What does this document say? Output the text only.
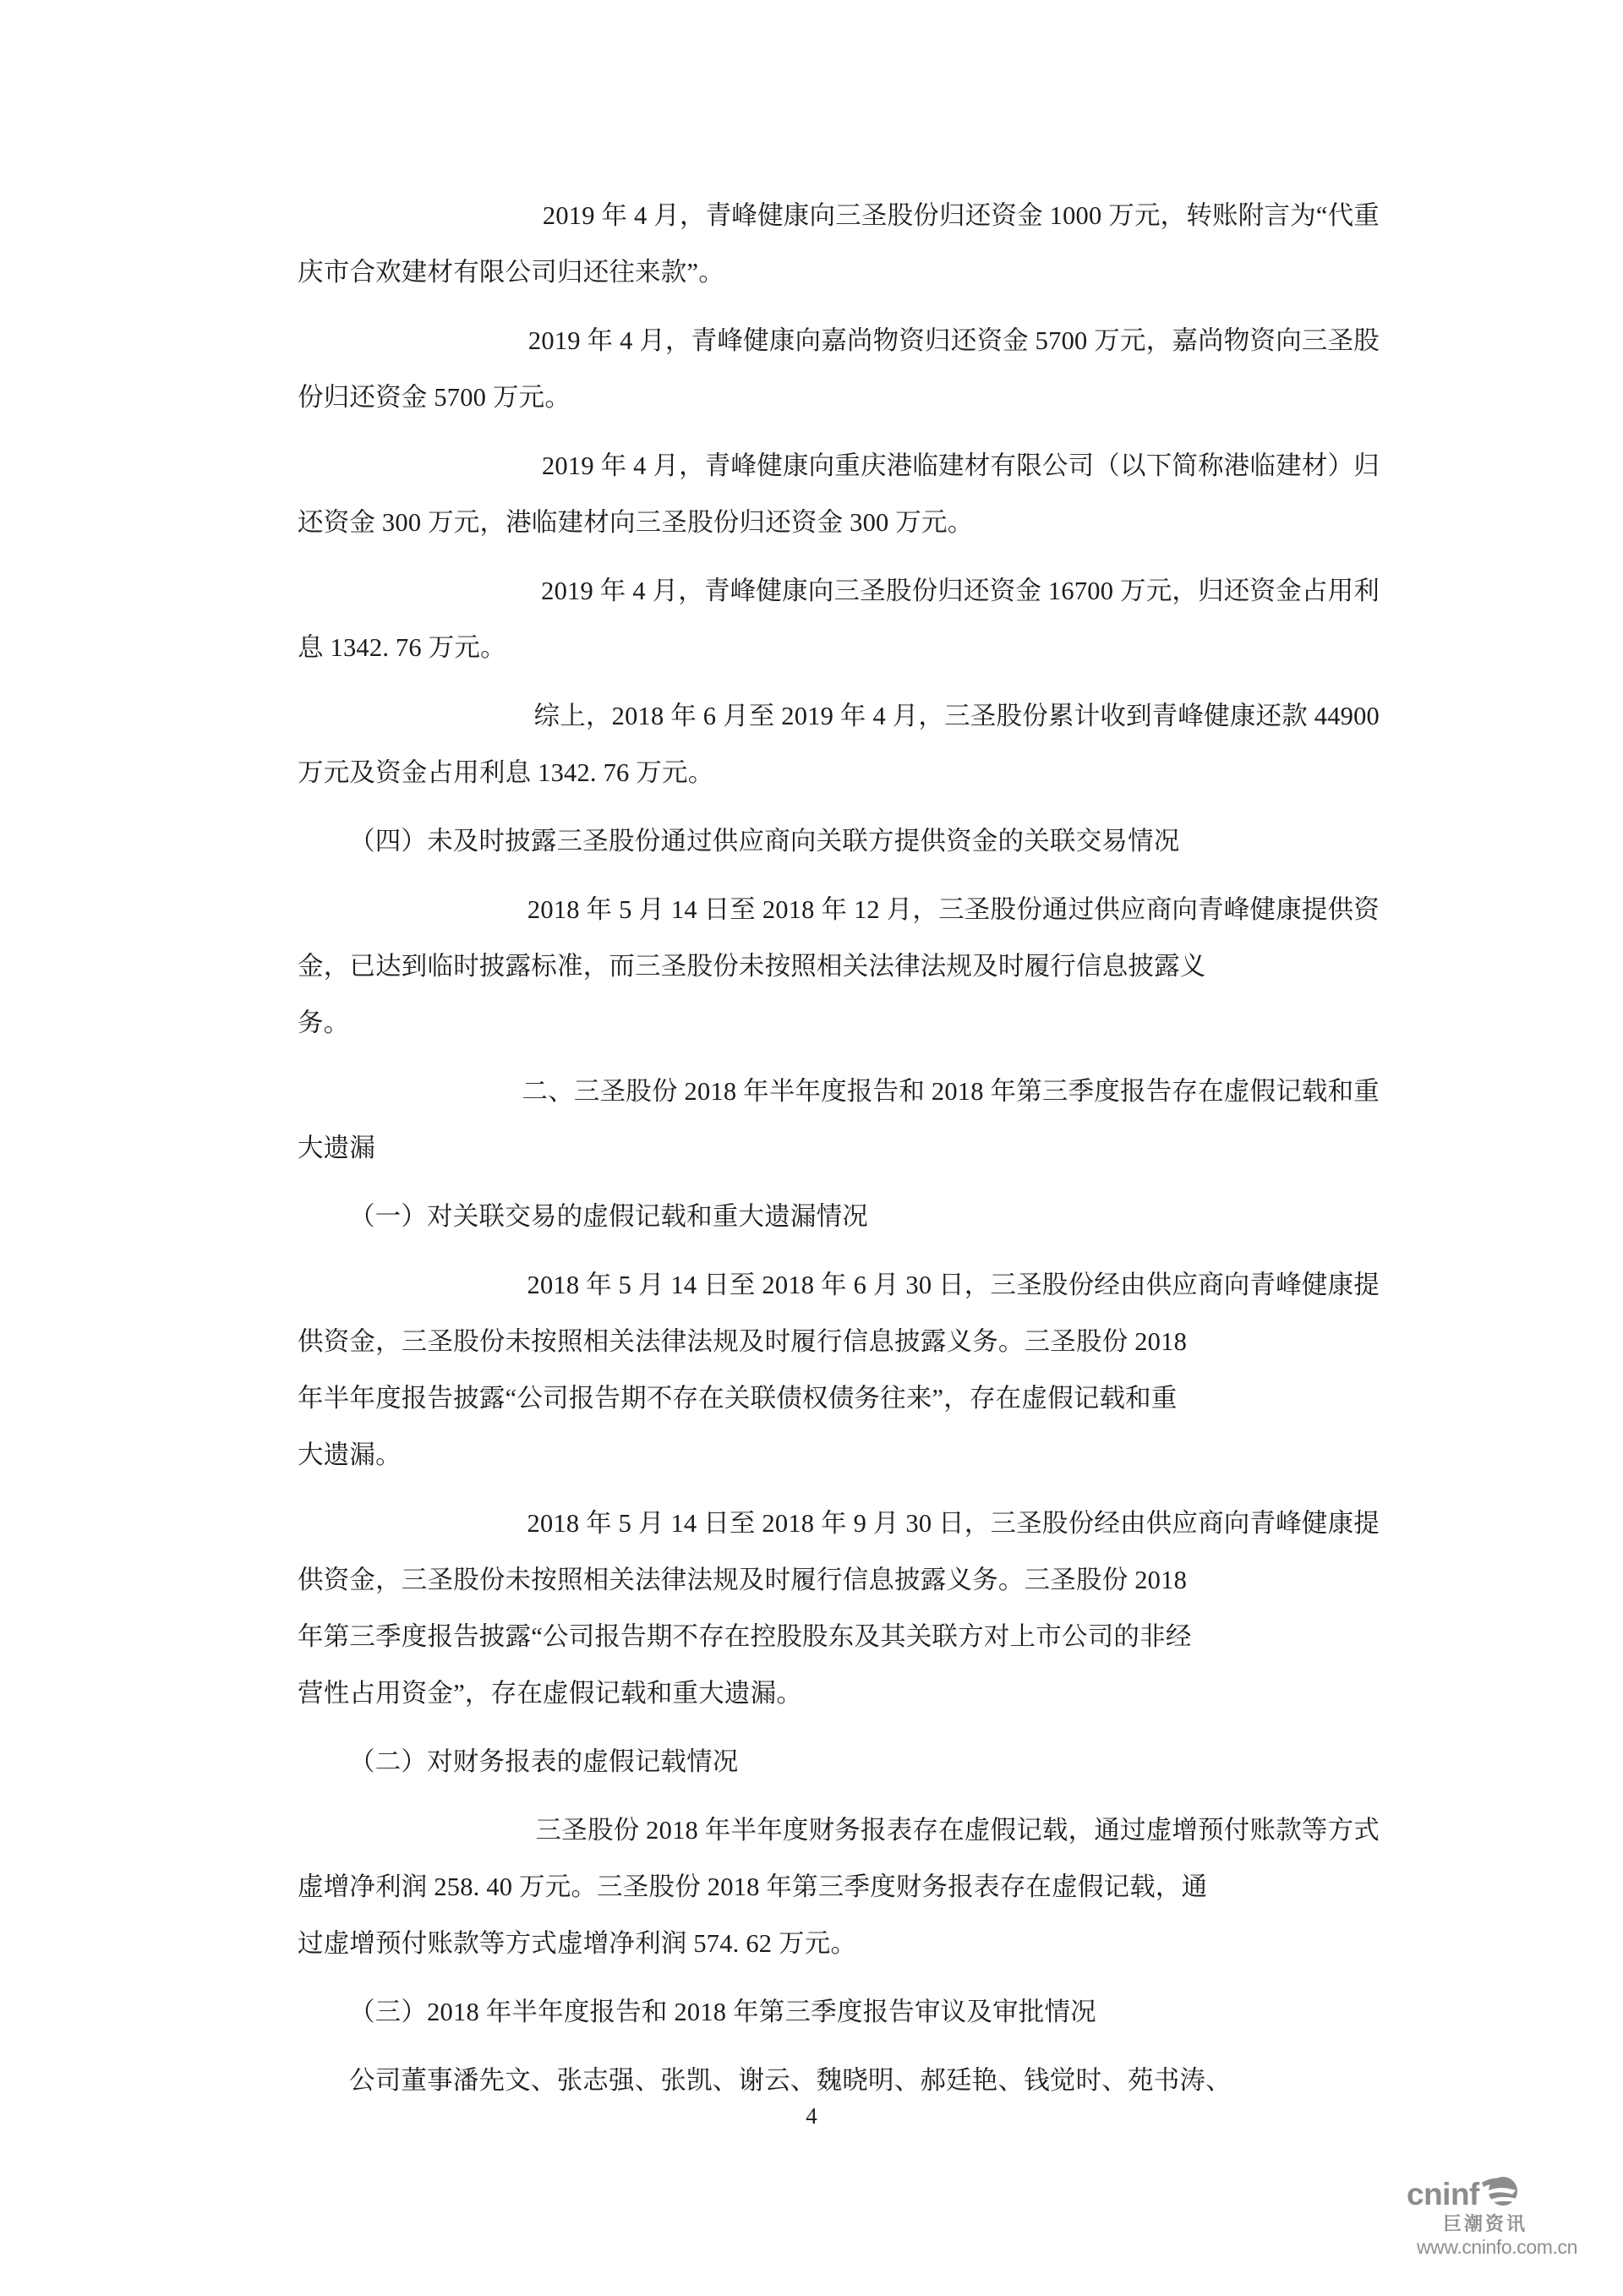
2019 年 4 月，青峰健康向三圣股份归还资金 1000 万元，转账附言为“代重
庆市合欢建材有限公司归还往来款”。

2019 年 4 月，青峰健康向嘉尚物资归还资金 5700 万元，嘉尚物资向三圣股
份归还资金 5700 万元。

2019 年 4 月，青峰健康向重庆港临建材有限公司（以下简称港临建材）归
还资金 300 万元，港临建材向三圣股份归还资金 300 万元。

2019 年 4 月，青峰健康向三圣股份归还资金 16700 万元，归还资金占用利
息 1342. 76 万元。

综上，2018 年 6 月至 2019 年 4 月，三圣股份累计收到青峰健康还款 44900
万元及资金占用利息 1342. 76 万元。

（四）未及时披露三圣股份通过供应商向关联方提供资金的关联交易情况

2018 年 5 月 14 日至 2018 年 12 月，三圣股份通过供应商向青峰健康提供资
金，已达到临时披露标准，而三圣股份未按照相关法律法规及时履行信息披露义
务。

二、三圣股份 2018 年半年度报告和 2018 年第三季度报告存在虚假记载和重
大遗漏

（一）对关联交易的虚假记载和重大遗漏情况

2018 年 5 月 14 日至 2018 年 6 月 30 日，三圣股份经由供应商向青峰健康提
供资金，三圣股份未按照相关法律法规及时履行信息披露义务。三圣股份 2018
年半年度报告披露“公司报告期不存在关联债权债务往来”，存在虚假记载和重
大遗漏。

2018 年 5 月 14 日至 2018 年 9 月 30 日，三圣股份经由供应商向青峰健康提
供资金，三圣股份未按照相关法律法规及时履行信息披露义务。三圣股份 2018
年第三季度报告披露“公司报告期不存在控股股东及其关联方对上市公司的非经
营性占用资金”，存在虚假记载和重大遗漏。

（二）对财务报表的虚假记载情况

三圣股份 2018 年半年度财务报表存在虚假记载，通过虚增预付账款等方式
虚增净利润 258. 40 万元。三圣股份 2018 年第三季度财务报表存在虚假记载，通
过虚增预付账款等方式虚增净利润 574. 62 万元。

（三）2018 年半年度报告和 2018 年第三季度报告审议及审批情况

公司董事潘先文、张志强、张凯、谢云、魏晓明、郝廷艳、钱觉时、苑书涛、

4
cninf
巨潮资讯
www.cninfo.com.cn
